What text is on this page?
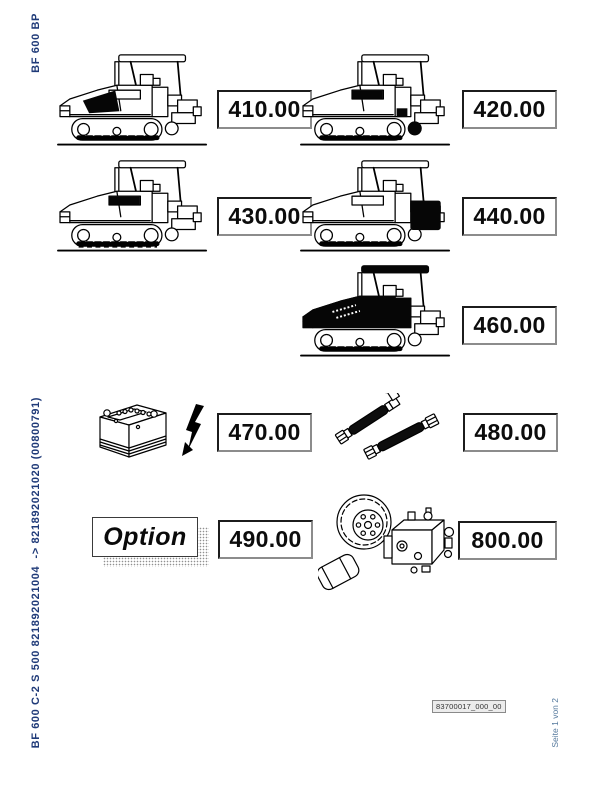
BF 600 BP
BF 600 C-2 S 500 821892021004  -> 821892021020 (00800791)
410.00	420.00
430.00	440.00
460.00
470.00	480.00
Option	490.00	800.00
83700017_000_00	Seite 1 von 2
